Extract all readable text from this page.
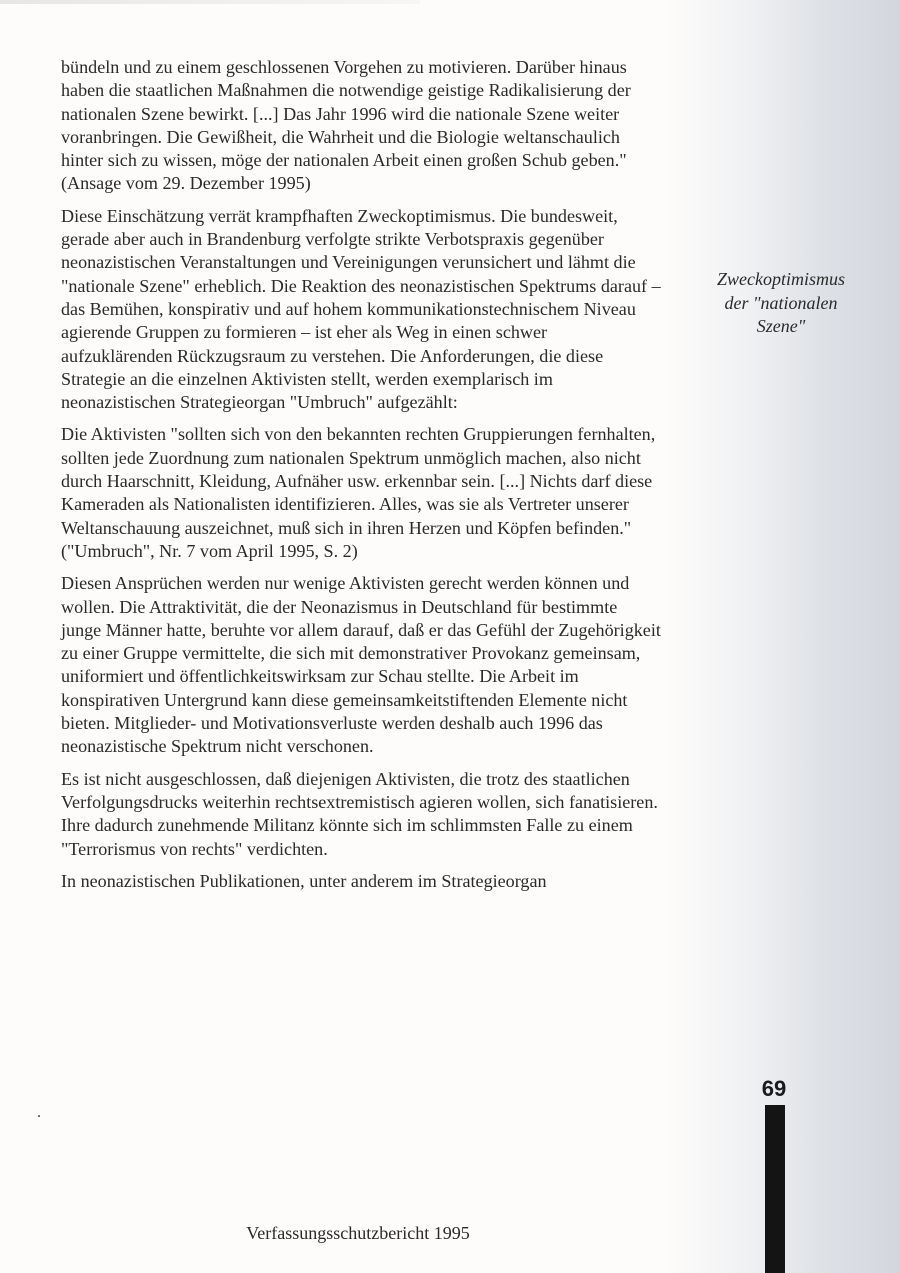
bündeln und zu einem geschlossenen Vorgehen zu motivieren. Darüber hinaus haben die staatlichen Maßnahmen die notwendige geistige Radikalisierung der nationalen Szene bewirkt. [...] Das Jahr 1996 wird die nationale Szene weiter voranbringen. Die Gewißheit, die Wahrheit und die Biologie weltanschaulich hinter sich zu wissen, möge der nationalen Arbeit einen großen Schub geben." (Ansage vom 29. Dezember 1995)

Diese Einschätzung verrät krampfhaften Zweckoptimismus. Die bundesweit, gerade aber auch in Brandenburg verfolgte strikte Verbotspraxis gegenüber neonazistischen Veranstaltungen und Vereinigungen verunsichert und lähmt die "nationale Szene" erheblich. Die Reaktion des neonazistischen Spektrums darauf – das Bemühen, konspirativ und auf hohem kommunikationstechnischem Niveau agierende Gruppen zu formieren – ist eher als Weg in einen schwer aufzuklärenden Rückzugsraum zu verstehen. Die Anforderungen, die diese Strategie an die einzelnen Aktivisten stellt, werden exemplarisch im neonazistischen Strategieorgan "Umbruch" aufgezählt:

Die Aktivisten "sollten sich von den bekannten rechten Gruppierungen fernhalten, sollten jede Zuordnung zum nationalen Spektrum unmöglich machen, also nicht durch Haarschnitt, Kleidung, Aufnäher usw. erkennbar sein. [...] Nichts darf diese Kameraden als Nationalisten identifizieren. Alles, was sie als Vertreter unserer Weltanschauung auszeichnet, muß sich in ihren Herzen und Köpfen befinden." ("Umbruch", Nr. 7 vom April 1995, S. 2)

Diesen Ansprüchen werden nur wenige Aktivisten gerecht werden können und wollen. Die Attraktivität, die der Neonazismus in Deutschland für bestimmte junge Männer hatte, beruhte vor allem darauf, daß er das Gefühl der Zugehörigkeit zu einer Gruppe vermittelte, die sich mit demonstrativer Provokanz gemeinsam, uniformiert und öffentlichkeitswirksam zur Schau stellte. Die Arbeit im konspirativen Untergrund kann diese gemeinsamkeitstiftenden Elemente nicht bieten. Mitglieder- und Motivationsverluste werden deshalb auch 1996 das neonazistische Spektrum nicht verschonen.

Es ist nicht ausgeschlossen, daß diejenigen Aktivisten, die trotz des staatlichen Verfolgungsdrucks weiterhin rechtsextremistisch agieren wollen, sich fanatisieren. Ihre dadurch zunehmende Militanz könnte sich im schlimmsten Falle zu einem "Terrorismus von rechts" verdichten.

In neonazistischen Publikationen, unter anderem im Strategieorgan

Zweckoptimismus
der "nationalen
Szene"
.
69
Verfassungsschutzbericht 1995
